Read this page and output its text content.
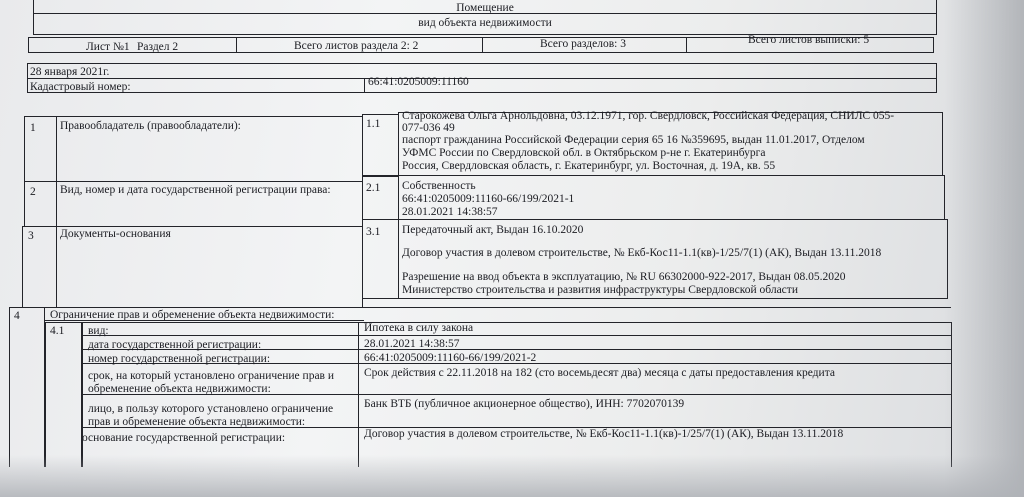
Помещение
вид объекта недвижимости
Лист №1 Раздел 2	Всего листов раздела 2: 2	Всего разделов: 3	Всего листов выписки: 5
28 января 2021г.
Кадастровый номер:	66:41:0205009:11160
1 Правообладатель (правообладатели):	1.1
Старокожева Ольга Арнольдовна, 03.12.1971, гор. Свердловск, Российская Федерация, СНИЛС 055-
077-036 49
паспорт гражданина Российской Федерации серия 65 16 №359695, выдан 11.01.2017, Отделом
УФМС России по Свердловской обл. в Октябрьском р-не г. Екатеринбурга
Россия, Свердловская область, г. Екатеринбург, ул. Восточная, д. 19А, кв. 55
2 Вид, номер и дата государственной регистрации права:	2.1 Собственность
66:41:0205009:11160-66/199/2021-1
28.01.2021 14:38:57
3 Документы-основания	3.1 Передаточный акт, Выдан 16.10.2020
Договор участия в долевом строительстве, № Екб-Кос11-1.1(кв)-1/25/7(1) (АК), Выдан 13.11.2018
Разрешение на ввод объекта в эксплуатацию, № RU 66302000-922-2017, Выдан 08.05.2020
Министерство строительства и развития инфраструктуры Свердловской области
4	Ограничение прав и обременение объекта недвижимости:
4.1 вид:	Ипотека в силу закона
дата государственной регистрации:	28.01.2021 14:38:57
номер государственной регистрации:	66:41:0205009:11160-66/199/2021-2
срок, на который установлено ограничение прав и
обременение объекта недвижимости:
Срок действия с 22.11.2018 на 182 (сто восемьдесят два) месяца с даты предоставления кредита
лицо, в пользу которого установлено ограничение
прав и обременение объекта недвижимости:
Банк ВТБ (публичное акционерное общество), ИНН: 7702070139
основание государственной регистрации:	Договор участия в долевом строительстве, № Екб-Кос11-1.1(кв)-1/25/7(1) (АК), Выдан 13.11.2018
